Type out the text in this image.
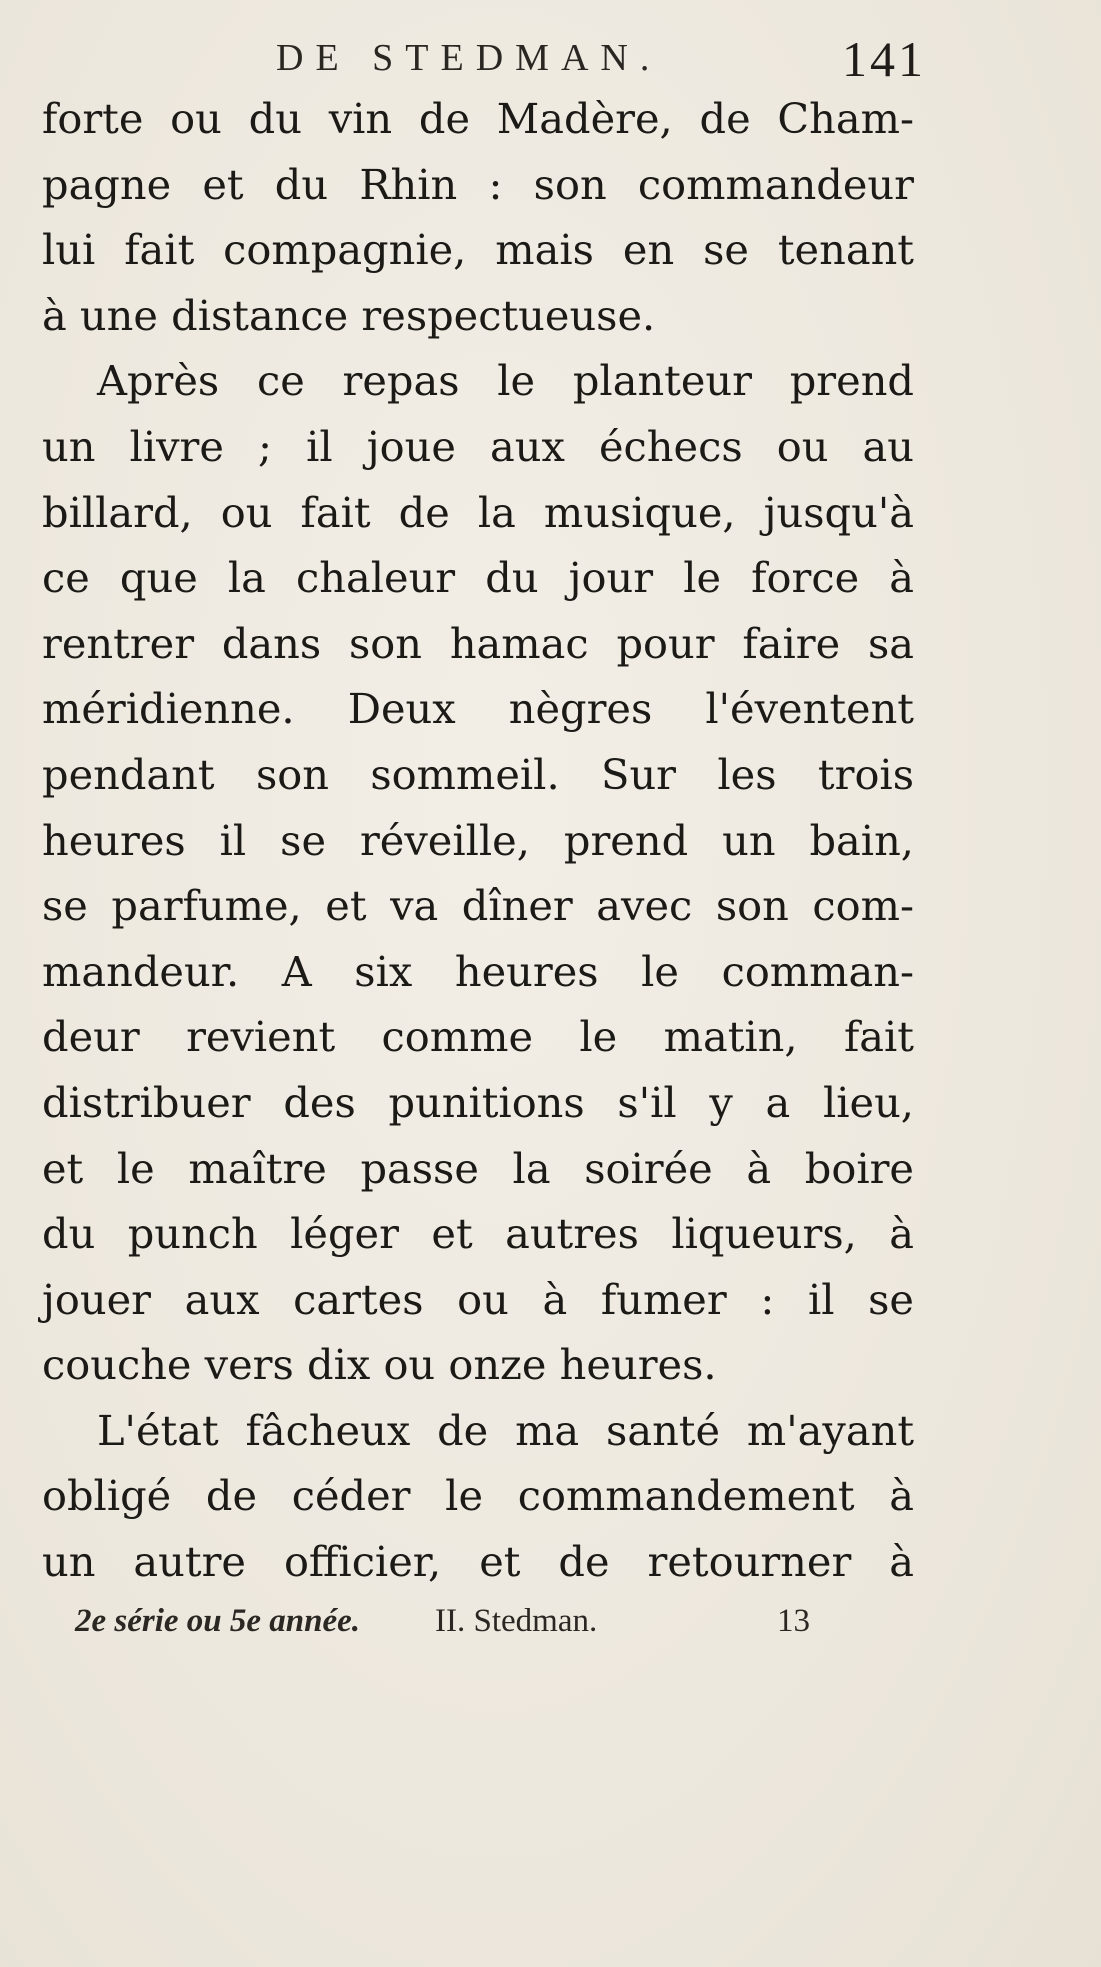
DE STEDMAN.	141
forte ou du vin de Madère, de Cham-
pagne et du Rhin : son commandeur
lui fait compagnie, mais en se tenant
à une distance respectueuse.
Après ce repas le planteur prend
un livre ; il joue aux échecs ou au
billard, ou fait de la musique, jusqu'à
ce que la chaleur du jour le force à
rentrer dans son hamac pour faire sa
méridienne. Deux nègres l'éventent
pendant son sommeil. Sur les trois
heures il se réveille, prend un bain,
se parfume, et va dîner avec son com-
mandeur. A six heures le comman-
deur revient comme le matin, fait
distribuer des punitions s'il y a lieu,
et le maître passe la soirée à boire
du punch léger et autres liqueurs, à
jouer aux cartes ou à fumer : il se
couche vers dix ou onze heures.
L'état fâcheux de ma santé m'ayant
obligé de céder le commandement à
un autre officier, et de retourner à
2e série ou 5e année. II. Stedman.	13
